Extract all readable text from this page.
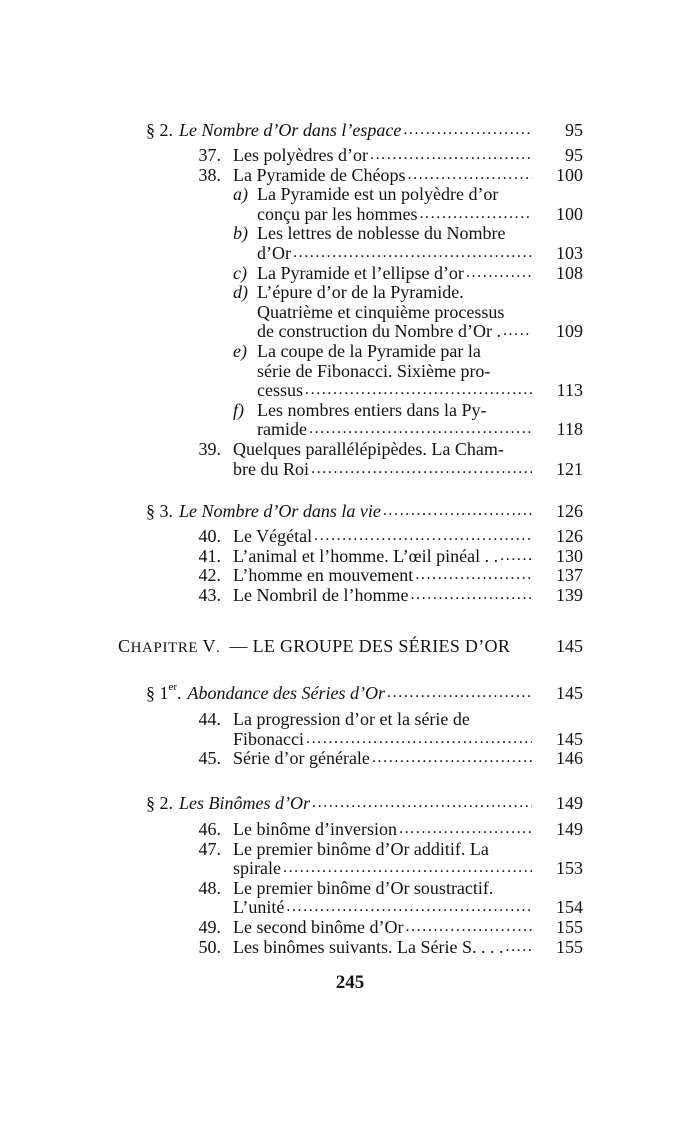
§ 2. Le Nombre d’Or dans l’espace .....	95
37. Les polyèdres d’or .....	95
38. La Pyramide de Chéops .....	100
a) La Pyramide est un polyèdre d’or
conçu par les hommes .....	100
b) Les lettres de noblesse du Nombre
d’Or .....	103
c) La Pyramide et l’ellipse d’or .....	108
d) L’épure d’or de la Pyramide.
Quatrième et cinquième processus
de construction du Nombre d’Or . .....	109
e) La coupe de la Pyramide par la
série de Fibonacci. Sixième pro-
cessus .....	113
f) Les nombres entiers dans la Py-
ramide .....	118
39. Quelques parallélépipèdes. La Cham-
bre du Roi .....	121
§ 3. Le Nombre d’Or dans la vie .....	126
40. Le Végétal .....	126
41. L’animal et l’homme. L’œil pinéal . . .....	130
42. L’homme en mouvement .....	137
43. Le Nombril de l’homme .....	139
CHAPITRE V. — LE GROUPE DES SÉRIES D’OR	145
§ 1 er . Abondance des Séries d’Or .....	145
44. La progression d’or et la série de
Fibonacci .....	145
45. Série d’or générale .....	146
§ 2. Les Binômes d’Or .....	149
46. Le binôme d’inversion .....	149
47. Le premier binôme d’Or additif. La
spirale .....	153
48. Le premier binôme d’Or soustractif.
L’unité .....	154
49. Le second binôme d’Or .....	155
50. Les binômes suivants. La Série S. . . . .....	155
245
